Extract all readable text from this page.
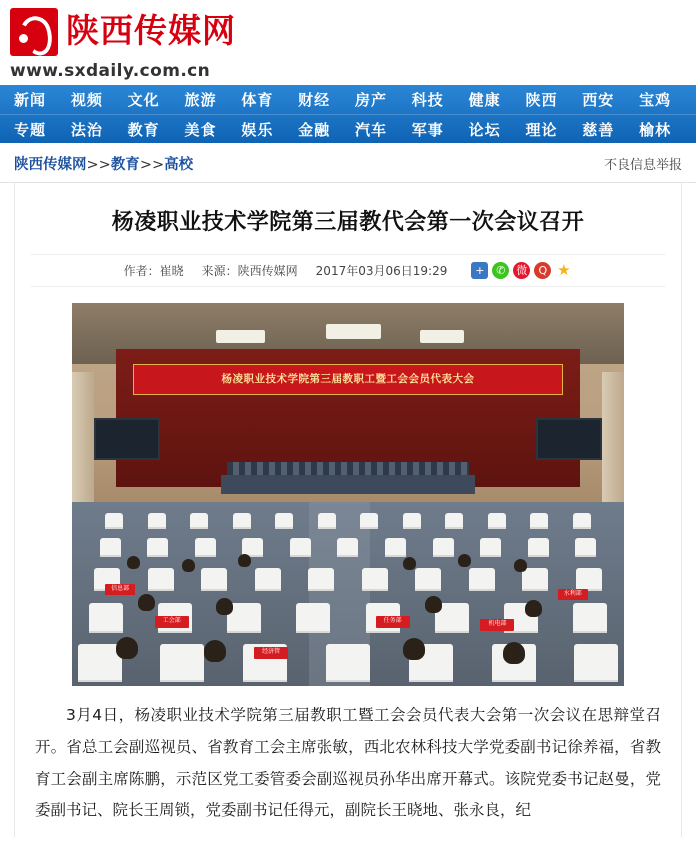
陕西传媒网
www.sxdaily.com.cn
新闻	视频	文化	旅游	体育	财经	房产	科技	健康	陕西	西安	宝鸡
专题	法治	教育	美食	娱乐	金融	汽车	军事	论坛	理论	慈善	榆林
陕西传媒网>>教育>>高校	不良信息举报
杨凌职业技术学院第三届教代会第一次会议召开
作者：崔晓 来源：陕西传媒网 2017年03月06日19:29	+	✆ 微	Q ★
杨凌职业技术学院第三届教职工暨工会会员代表大会
工会部
经济管
任务部
机电部
水利部
信息部
3月4日，杨凌职业技术学院第三届教职工暨工会会员代表大会第一次会议在思辩堂召开。省总工会副巡视员、省教育工会主席张敏，西北农林科技大学党委副书记徐养福，省教育工会副主席陈鹏，示范区党工委管委会副巡视员孙华出席开幕式。该院党委书记赵曼，党委副书记、院长王周锁，党委副书记任得元，副院长王晓地、张永良，纪
